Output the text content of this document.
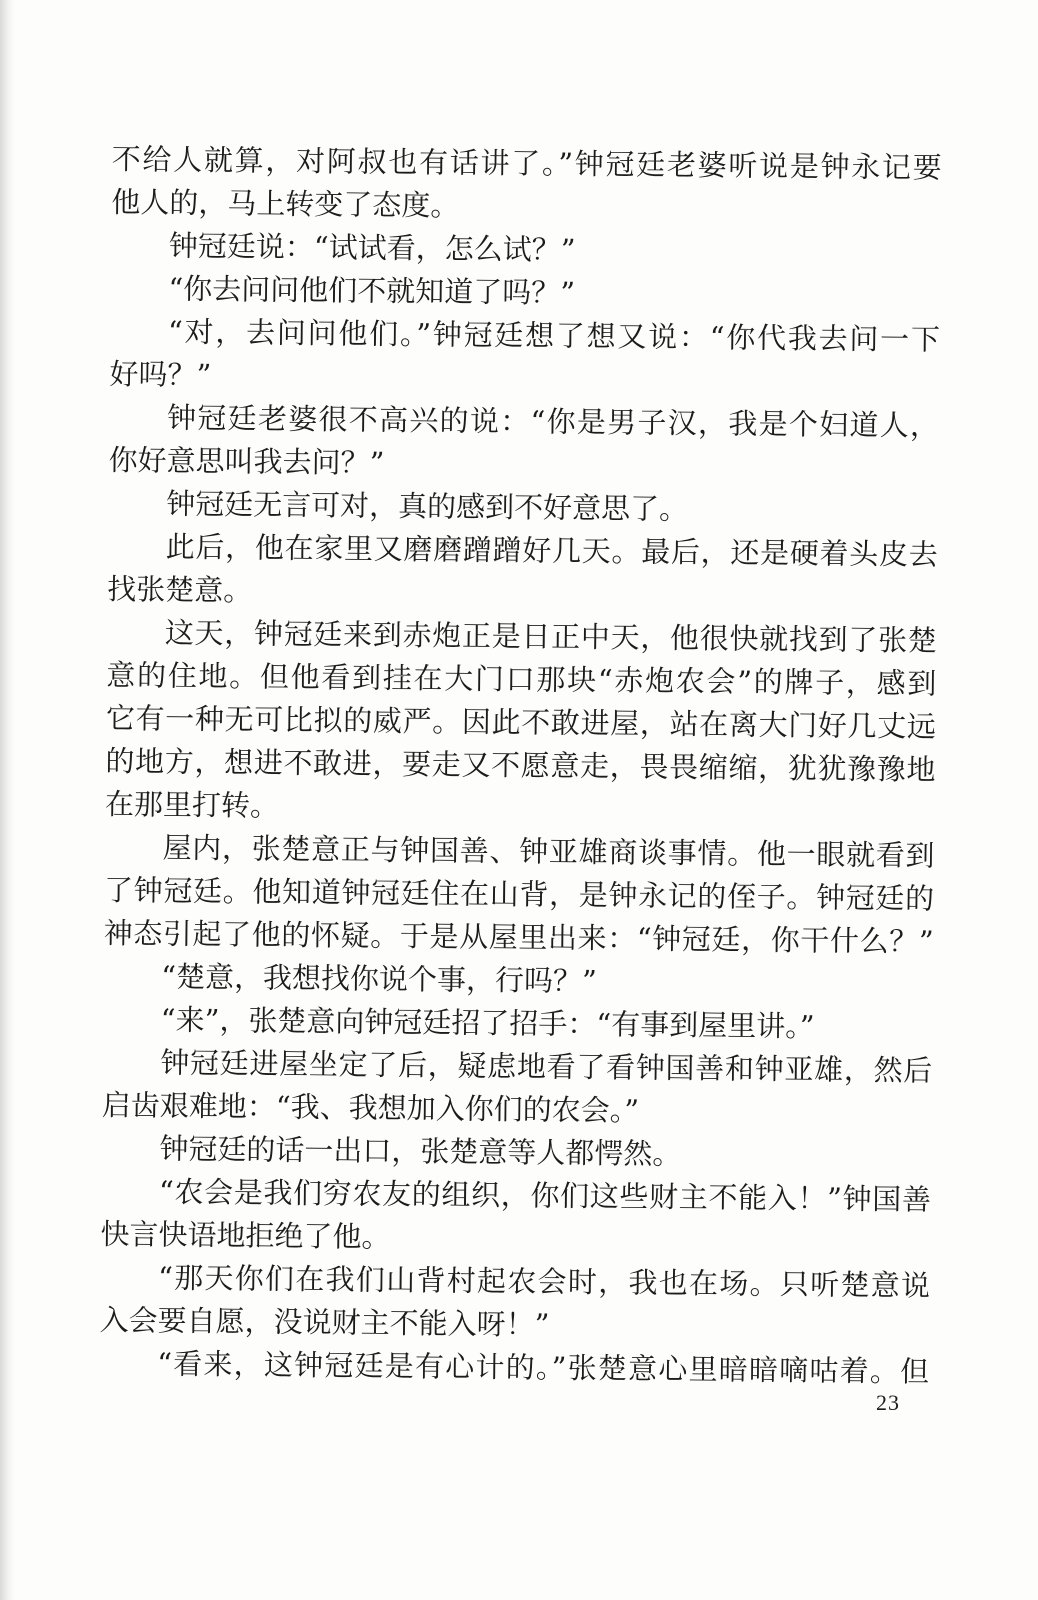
不给人就算，对阿叔也有话讲了。”钟冠廷老婆听说是钟永记要
他人的，马上转变了态度。
钟冠廷说：“试试看，怎么试？”
“你去问问他们不就知道了吗？”
“对，去问问他们。”钟冠廷想了想又说：“你代我去问一下
好吗？”
钟冠廷老婆很不高兴的说：“你是男子汉，我是个妇道人，
你好意思叫我去问？”
钟冠廷无言可对，真的感到不好意思了。
此后，他在家里又磨磨蹭蹭好几天。最后，还是硬着头皮去
找张楚意。
这天，钟冠廷来到赤炮正是日正中天，他很快就找到了张楚
意的住地。但他看到挂在大门口那块“赤炮农会”的牌子，感到
它有一种无可比拟的威严。因此不敢进屋，站在离大门好几丈远
的地方，想进不敢进，要走又不愿意走，畏畏缩缩，犹犹豫豫地
在那里打转。
屋内，张楚意正与钟国善、钟亚雄商谈事情。他一眼就看到
了钟冠廷。他知道钟冠廷住在山背，是钟永记的侄子。钟冠廷的
神态引起了他的怀疑。于是从屋里出来：“钟冠廷，你干什么？”
“楚意，我想找你说个事，行吗？”
“来”，张楚意向钟冠廷招了招手：“有事到屋里讲。”
钟冠廷进屋坐定了后，疑虑地看了看钟国善和钟亚雄，然后
启齿艰难地：“我、我想加入你们的农会。”
钟冠廷的话一出口，张楚意等人都愕然。
“农会是我们穷农友的组织，你们这些财主不能入！”钟国善
快言快语地拒绝了他。
“那天你们在我们山背村起农会时，我也在场。只听楚意说
入会要自愿，没说财主不能入呀！”
“看来，这钟冠廷是有心计的。”张楚意心里暗暗嘀咕着。但
23
